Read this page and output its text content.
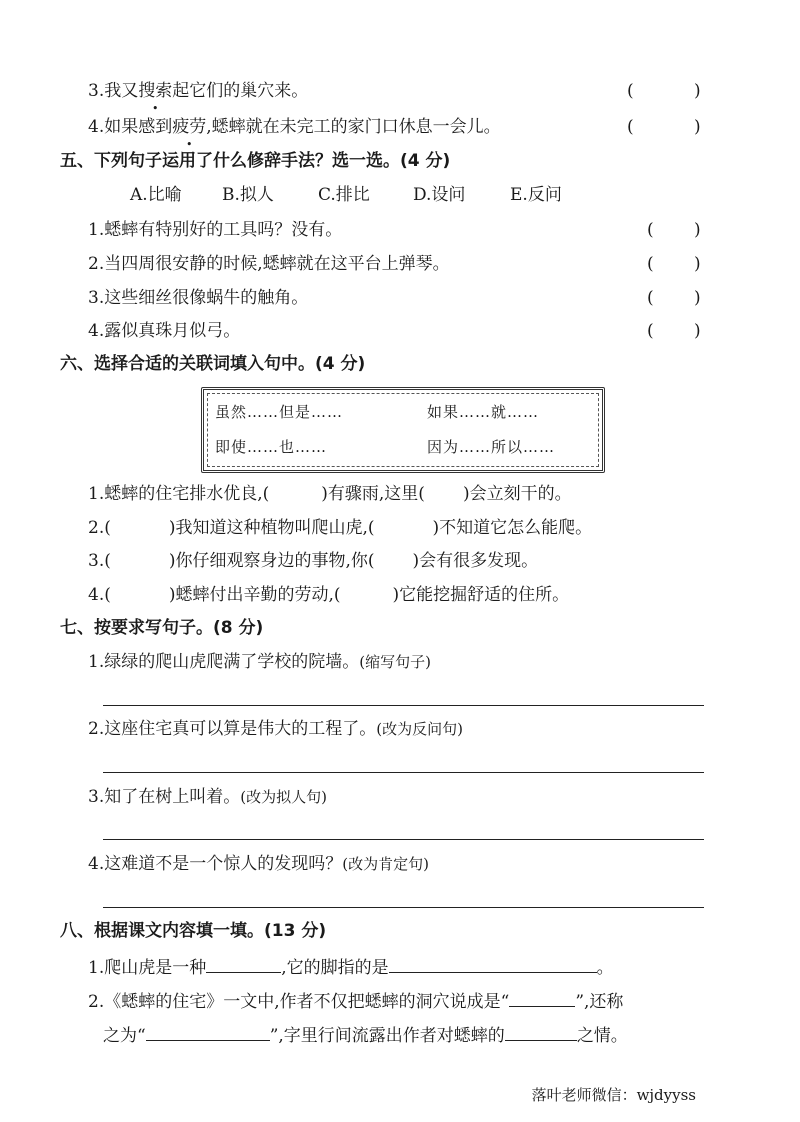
3.我又搜索起它们的巢穴来。	(	)
4.如果感到疲劳,蟋蟀就在未完工的家门口休息一会儿。	(	)
五、下列句子运用了什么修辞手法？选一选。(4 分)
A.比喻 B.拟人	C.排比	D.设问	E.反问
1.蟋蟀有特别好的工具吗？没有。	( )
2.当四周很安静的时候,蟋蟀就在这平台上弹琴。	( )
3.这些细丝很像蜗牛的触角。	( )
4.露似真珠月似弓。	( )
六、选择合适的关联词填入句中。(4 分)
虽然……但是……	如果……就……
即使……也……	因为……所以……
1.蟋蟀的住宅排水优良,(	)有骤雨,这里( )会立刻干的。
2.(	)我知道这种植物叫爬山虎,(	)不知道它怎么能爬。
3.(	)你仔细观察身边的事物,你( )会有很多发现。
4.(	)蟋蟀付出辛勤的劳动,(	)它能挖掘舒适的住所。
七、按要求写句子。(8 分)
1.绿绿的爬山虎爬满了学校的院墙。(缩写句子)
2.这座住宅真可以算是伟大的工程了。(改为反问句)
3.知了在树上叫着。(改为拟人句)
4.这难道不是一个惊人的发现吗？(改为肯定句)
八、根据课文内容填一填。(13 分)
1.爬山虎是一种	,它的脚指的是	。
2.《蟋蟀的住宅》一文中,作者不仅把蟋蟀的洞穴说成是“	”,还称
之为“	”,字里行间流露出作者对蟋蟀的	之情。
落叶老师微信：wjdyyss
